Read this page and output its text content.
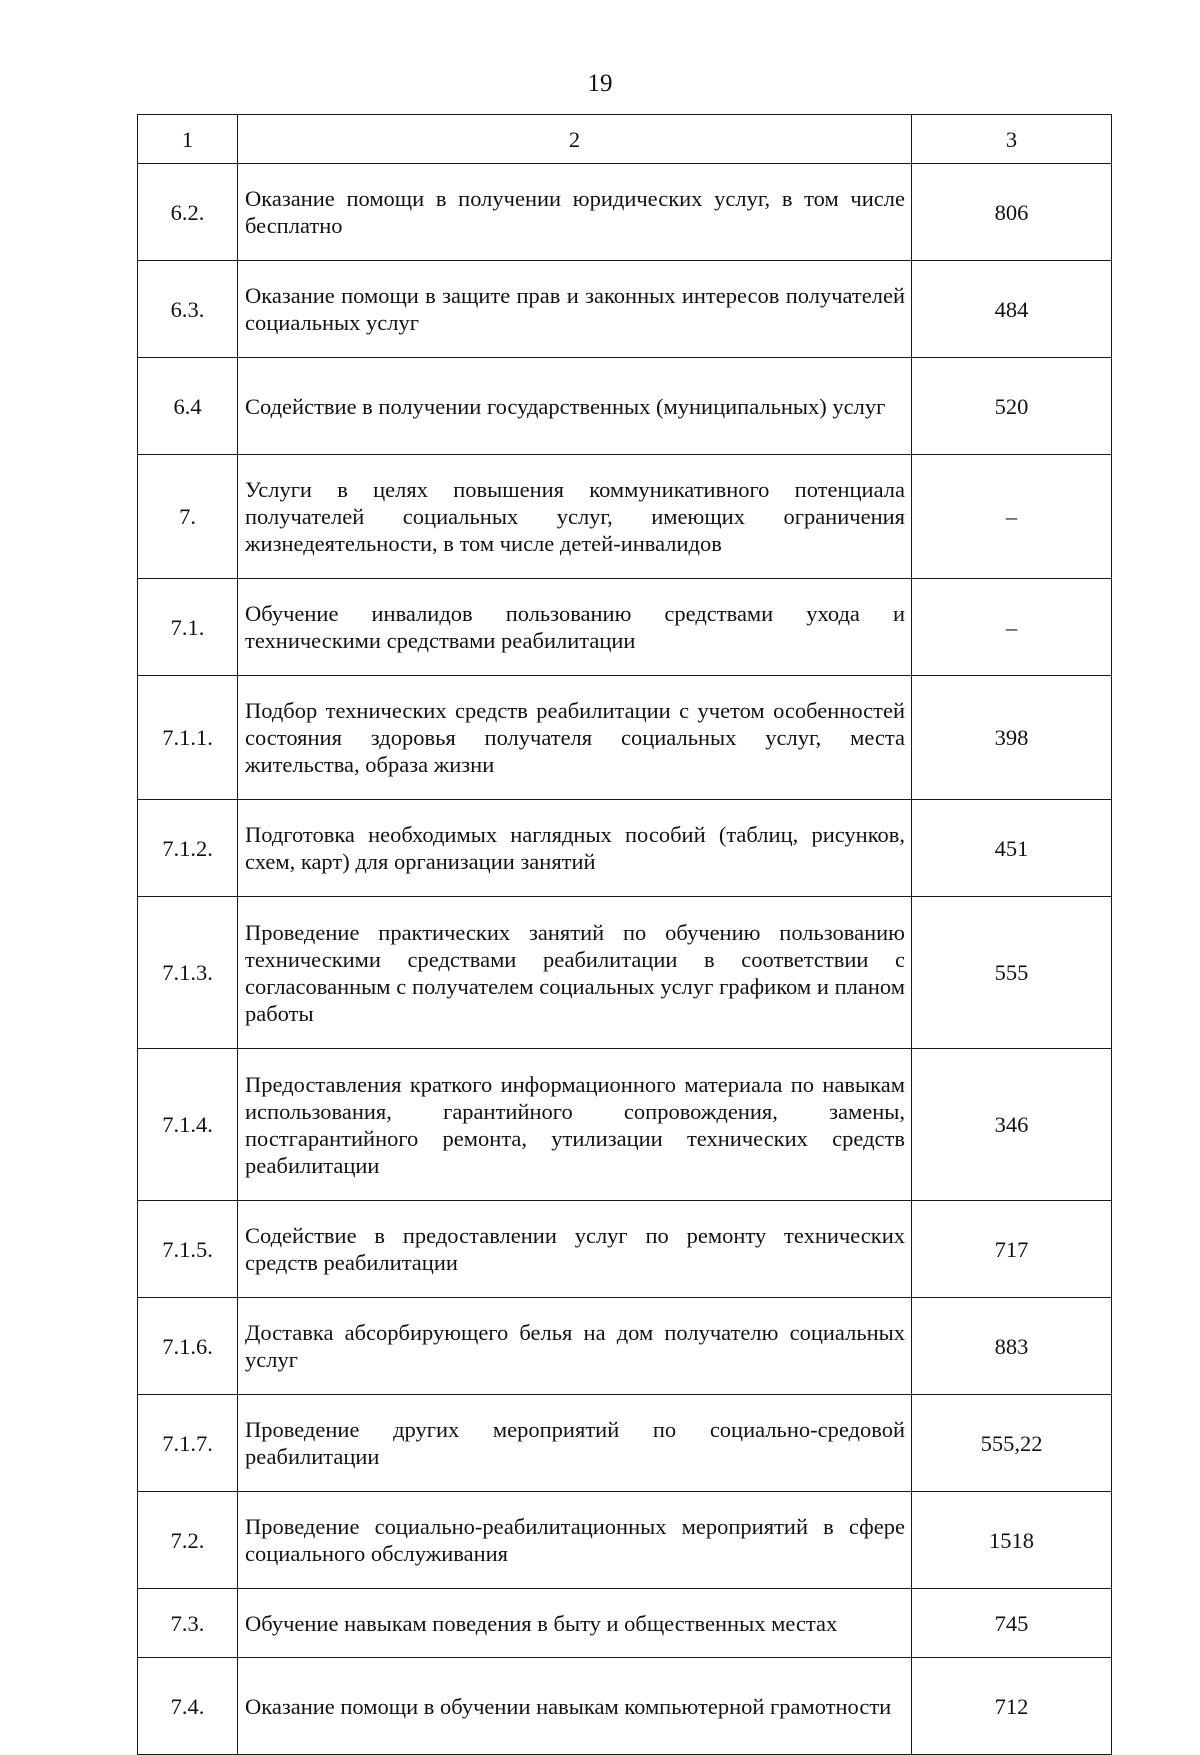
19
1	2	3
6.2.	Оказание помощи в получении юридических услуг, в том числе бесплатно	806
6.3.	Оказание помощи в защите прав и законных интересов получателей социальных услуг	484
6.4	Содействие в получении государственных (муниципальных) услуг	520
7.	Услуги в целях повышения коммуникативного потенциала получателей социальных услуг, имеющих ограничения жизнедеятельности, в том числе детей-инвалидов	–
7.1.	Обучение инвалидов пользованию средствами ухода и техническими средствами реабилитации	–
7.1.1.	Подбор технических средств реабилитации с учетом особенностей состояния здоровья получателя социальных услуг, места жительства, образа жизни	398
7.1.2.	Подготовка необходимых наглядных пособий (таблиц, рисунков, схем, карт) для организации занятий	451
7.1.3.	Проведение практических занятий по обучению пользованию техническими средствами реабилитации в соответствии с согласованным с получателем социальных услуг графиком и планом работы	555
7.1.4.	Предоставления краткого информационного материала по навыкам использования, гарантийного сопровождения, замены, постгарантийного ремонта, утилизации технических средств реабилитации	346
7.1.5.	Содействие в предоставлении услуг по ремонту технических средств реабилитации	717
7.1.6.	Доставка абсорбирующего белья на дом получателю социальных услуг	883
7.1.7.	Проведение других мероприятий по социально-средовой реабилитации	555,22
7.2.	Проведение социально-реабилитационных мероприятий в сфере социального обслуживания	1518
7.3.	Обучение навыкам поведения в быту и общественных местах	745
7.4.	Оказание помощи в обучении навыкам компьютерной грамотности	712
